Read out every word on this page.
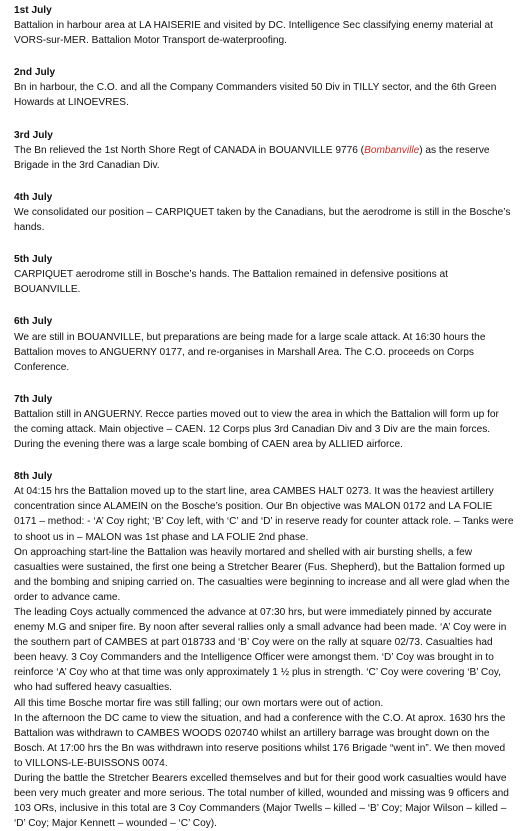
1st July

Battalion in harbour area at LA HAISERIE and visited by DC. Intelligence Sec classifying enemy material at VORS-sur-MER. Battalion Motor Transport de-waterproofing.

2nd July

Bn in harbour, the C.O. and all the Company Commanders visited 50 Div in TILLY sector, and the 6th Green Howards at LINOEVRES.

3rd July

The Bn relieved the 1st North Shore Regt of CANADA in BOUANVILLE 9776 (Bombanville) as the reserve Brigade in the 3rd Canadian Div.

4th July

We consolidated our position – CARPIQUET taken by the Canadians, but the aerodrome is still in the Bosche’s hands.

5th July

CARPIQUET aerodrome still in Bosche’s hands. The Battalion remained in defensive positions at BOUANVILLE.

6th July

We are still in BOUANVILLE, but preparations are being made for a large scale attack. At 16:30 hours the Battalion moves to ANGUERNY 0177, and re-organises in Marshall Area. The C.O. proceeds on Corps Conference.

7th July

Battalion still in ANGUERNY. Recce parties moved out to view the area in which the Battalion will form up for the coming attack. Main objective – CAEN. 12 Corps plus 3rd Canadian Div and 3 Div are the main forces. During the evening there was a large scale bombing of CAEN area by ALLIED airforce.

8th July

At 04:15 hrs the Battalion moved up to the start line, area CAMBES HALT 0273. It was the heaviest artillery concentration since ALAMEIN on the Bosche’s position. Our Bn objective was MALON 0172 and LA FOLIE 0171 – method: - ‘A’ Coy right; ‘B’ Coy left, with ‘C’ and ‘D’ in reserve ready for counter attack role. – Tanks were to shoot us in – MALON was 1st phase and LA FOLIE 2nd phase.

On approaching start-line the Battalion was heavily mortared and shelled with air bursting shells, a few casualties were sustained, the first one being a Stretcher Bearer (Fus. Shepherd), but the Battalion formed up and the bombing and sniping carried on. The casualties were beginning to increase and all were glad when the order to advance came.

The leading Coys actually commenced the advance at 07:30 hrs, but were immediately pinned by accurate enemy M.G and sniper fire. By noon after several rallies only a small advance had been made. ‘A’ Coy were in the southern part of CAMBES at part 018733 and ‘B’ Coy were on the rally at square 02/73. Casualties had been heavy. 3 Coy Commanders and the Intelligence Officer were amongst them. ‘D’ Coy was brought in to reinforce ‘A’ Coy who at that time was only approximately 1 ½ plus in strength. ‘C’ Coy were covering ‘B’ Coy, who had suffered heavy casualties.

All this time Bosche mortar fire was still falling; our own mortars were out of action.

In the afternoon the DC came to view the situation, and had a conference with the C.O. At aprox. 1630 hrs the Battalion was withdrawn to CAMBES WOODS 020740 whilst an artillery barrage was brought down on the Bosch. At 17:00 hrs the Bn was withdrawn into reserve positions whilst 176 Brigade “went in”. We then moved to VILLONS-LE-BUISSONS 0074.

During the battle the Stretcher Bearers excelled themselves and but for their good work casualties would have been very much greater and more serious. The total number of killed, wounded and missing was 9 officers and 103 ORs, inclusive in this total are 3 Coy Commanders (Major Twells – killed – ‘B’ Coy; Major Wilson – killed – ‘D’ Coy; Major Kennett – wounded – ‘C’ Coy).
